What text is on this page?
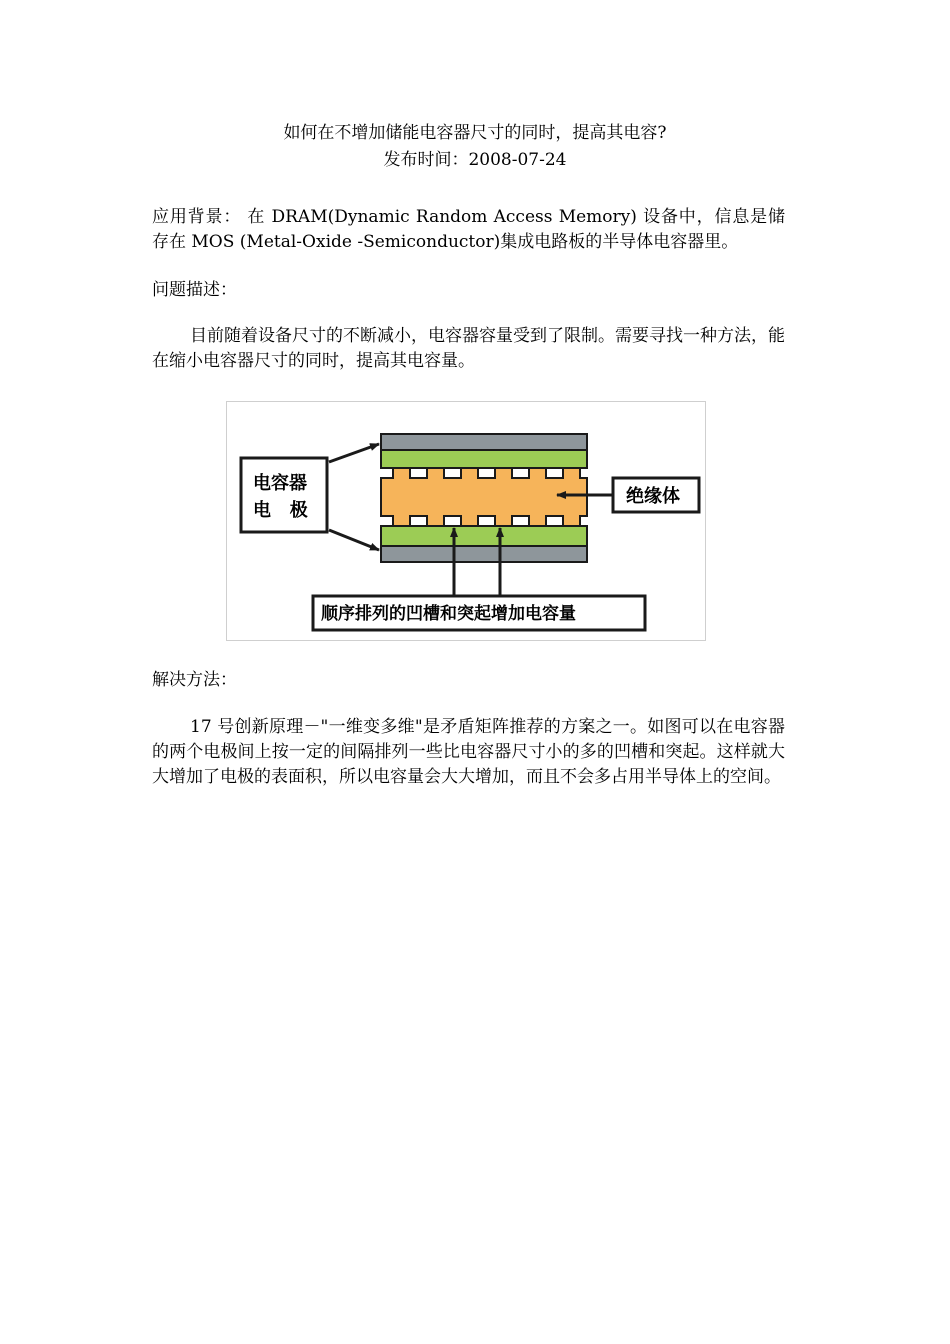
如何在不增加储能电容器尺寸的同时，提高其电容?
发布时间：2008-07-24
应用背景： 在 DRAM(Dynamic Random Access Memory) 设备中，信息是储存在 MOS (Metal-Oxide -Semiconductor)集成电路板的半导体电容器里。
问题描述：
目前随着设备尺寸的不断减小，电容器容量受到了限制。需要寻找一种方法，能在缩小电容器尺寸的同时，提高其电容量。
电容器
电   极
绝缘体
顺序排列的凹槽和突起增加电容量
解决方法：
17 号创新原理－"一维变多维"是矛盾矩阵推荐的方案之一。如图可以在电容器的两个电极间上按一定的间隔排列一些比电容器尺寸小的多的凹槽和突起。这样就大大增加了电极的表面积，所以电容量会大大增加，而且不会多占用半导体上的空间。
